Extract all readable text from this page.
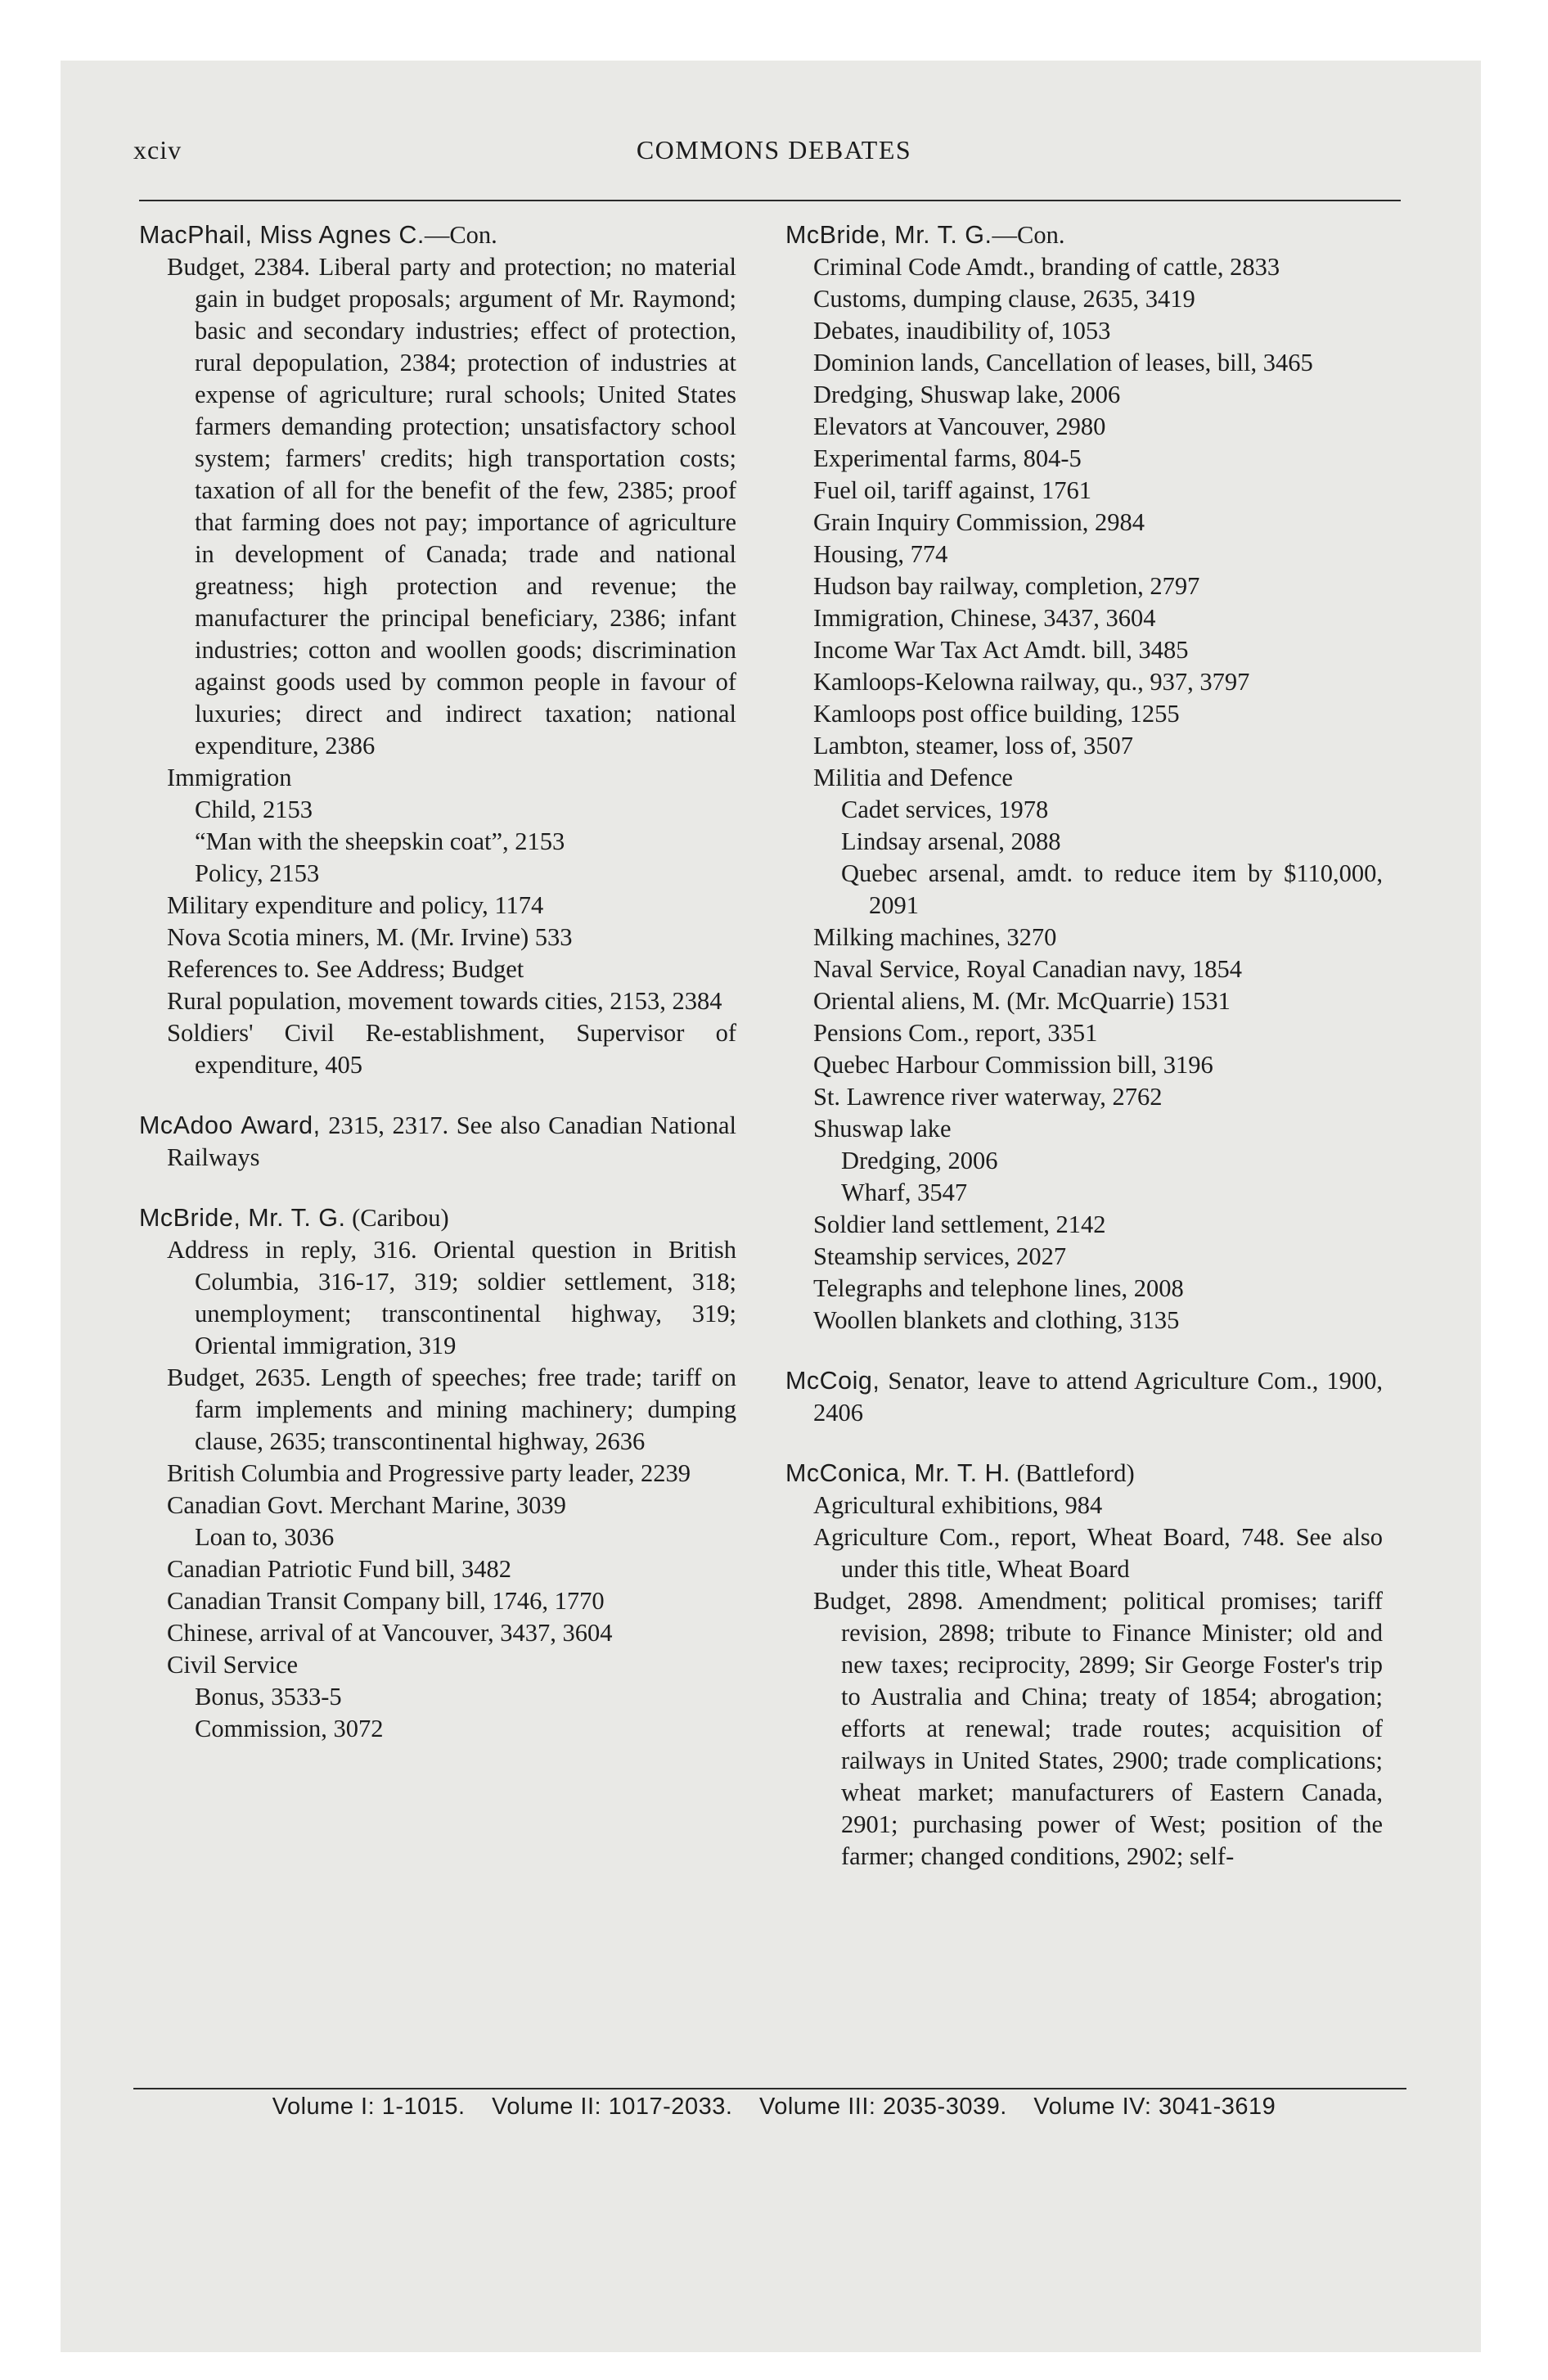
xciv	COMMONS DEBATES
MacPhail, Miss Agnes C.—Con.
Budget, 2384. Liberal party and protection; no material gain in budget proposals; argument of Mr. Raymond; basic and secondary industries; effect of protection, rural depopulation, 2384; protection of industries at expense of agriculture; rural schools; United States farmers demanding protection; unsatisfactory school system; farmers' credits; high transportation costs; taxation of all for the benefit of the few, 2385; proof that farming does not pay; importance of agriculture in development of Canada; trade and national greatness; high protection and revenue; the manufacturer the principal beneficiary, 2386; infant industries; cotton and woollen goods; discrimination against goods used by common people in favour of luxuries; direct and indirect taxation; national expenditure, 2386
Immigration
Child, 2153
“Man with the sheepskin coat”, 2153
Policy, 2153
Military expenditure and policy, 1174
Nova Scotia miners, M. (Mr. Irvine) 533
References to. See Address; Budget
Rural population, movement towards cities, 2153, 2384
Soldiers' Civil Re-establishment, Supervisor of expenditure, 405
McAdoo Award, 2315, 2317. See also Canadian National Railways
McBride, Mr. T. G. (Caribou)
Address in reply, 316. Oriental question in British Columbia, 316-17, 319; soldier settlement, 318; unemployment; transcontinental highway, 319; Oriental immigration, 319
Budget, 2635. Length of speeches; free trade; tariff on farm implements and mining machinery; dumping clause, 2635; transcontinental highway, 2636
British Columbia and Progressive party leader, 2239
Canadian Govt. Merchant Marine, 3039
Loan to, 3036
Canadian Patriotic Fund bill, 3482
Canadian Transit Company bill, 1746, 1770
Chinese, arrival of at Vancouver, 3437, 3604
Civil Service
Bonus, 3533-5
Commission, 3072
McBride, Mr. T. G.—Con.
Criminal Code Amdt., branding of cattle, 2833
Customs, dumping clause, 2635, 3419
Debates, inaudibility of, 1053
Dominion lands, Cancellation of leases, bill, 3465
Dredging, Shuswap lake, 2006
Elevators at Vancouver, 2980
Experimental farms, 804-5
Fuel oil, tariff against, 1761
Grain Inquiry Commission, 2984
Housing, 774
Hudson bay railway, completion, 2797
Immigration, Chinese, 3437, 3604
Income War Tax Act Amdt. bill, 3485
Kamloops-Kelowna railway, qu., 937, 3797
Kamloops post office building, 1255
Lambton, steamer, loss of, 3507
Militia and Defence
Cadet services, 1978
Lindsay arsenal, 2088
Quebec arsenal, amdt. to reduce item by $110,000, 2091
Milking machines, 3270
Naval Service, Royal Canadian navy, 1854
Oriental aliens, M. (Mr. McQuarrie) 1531
Pensions Com., report, 3351
Quebec Harbour Commission bill, 3196
St. Lawrence river waterway, 2762
Shuswap lake
Dredging, 2006
Wharf, 3547
Soldier land settlement, 2142
Steamship services, 2027
Telegraphs and telephone lines, 2008
Woollen blankets and clothing, 3135
McCoig, Senator, leave to attend Agriculture Com., 1900, 2406
McConica, Mr. T. H. (Battleford)
Agricultural exhibitions, 984
Agriculture Com., report, Wheat Board, 748. See also under this title, Wheat Board
Budget, 2898. Amendment; political promises; tariff revision, 2898; tribute to Finance Minister; old and new taxes; reciprocity, 2899; Sir George Foster's trip to Australia and China; treaty of 1854; abrogation; efforts at renewal; trade routes; acquisition of railways in United States, 2900; trade complications; wheat market; manufacturers of Eastern Canada, 2901; purchasing power of West; position of the farmer; changed conditions, 2902; self-
Volume I: 1-1015. Volume II: 1017-2033. Volume III: 2035-3039. Volume IV: 3041-3619
